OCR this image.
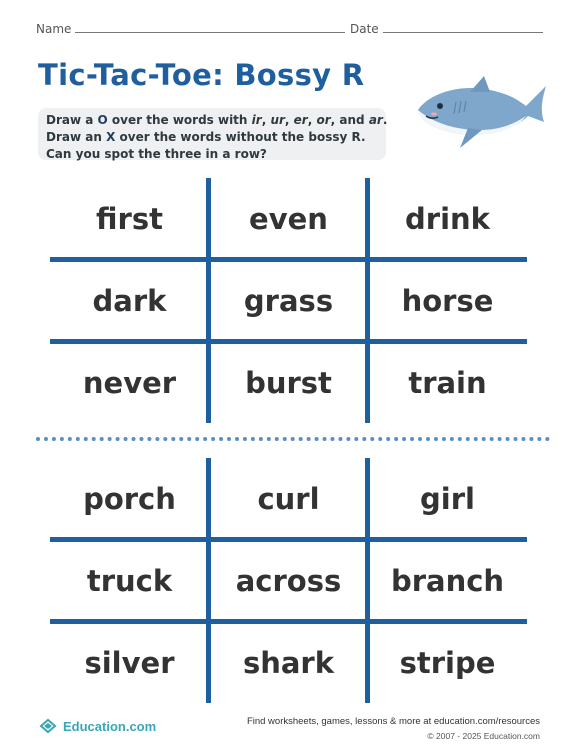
Name	Date
Tic-Tac-Toe: Bossy R
Draw a O over the words with ir, ur, er, or, and ar.
Draw an X over the words without the bossy R.
Can you spot the three in a row?
first	even	drink
dark	grass	horse
never	burst	train
porch	curl	girl
truck	across	branch
silver	shark	stripe
Education.com	Find worksheets, games, lessons & more at education.com/resources
© 2007 - 2025 Education.com
